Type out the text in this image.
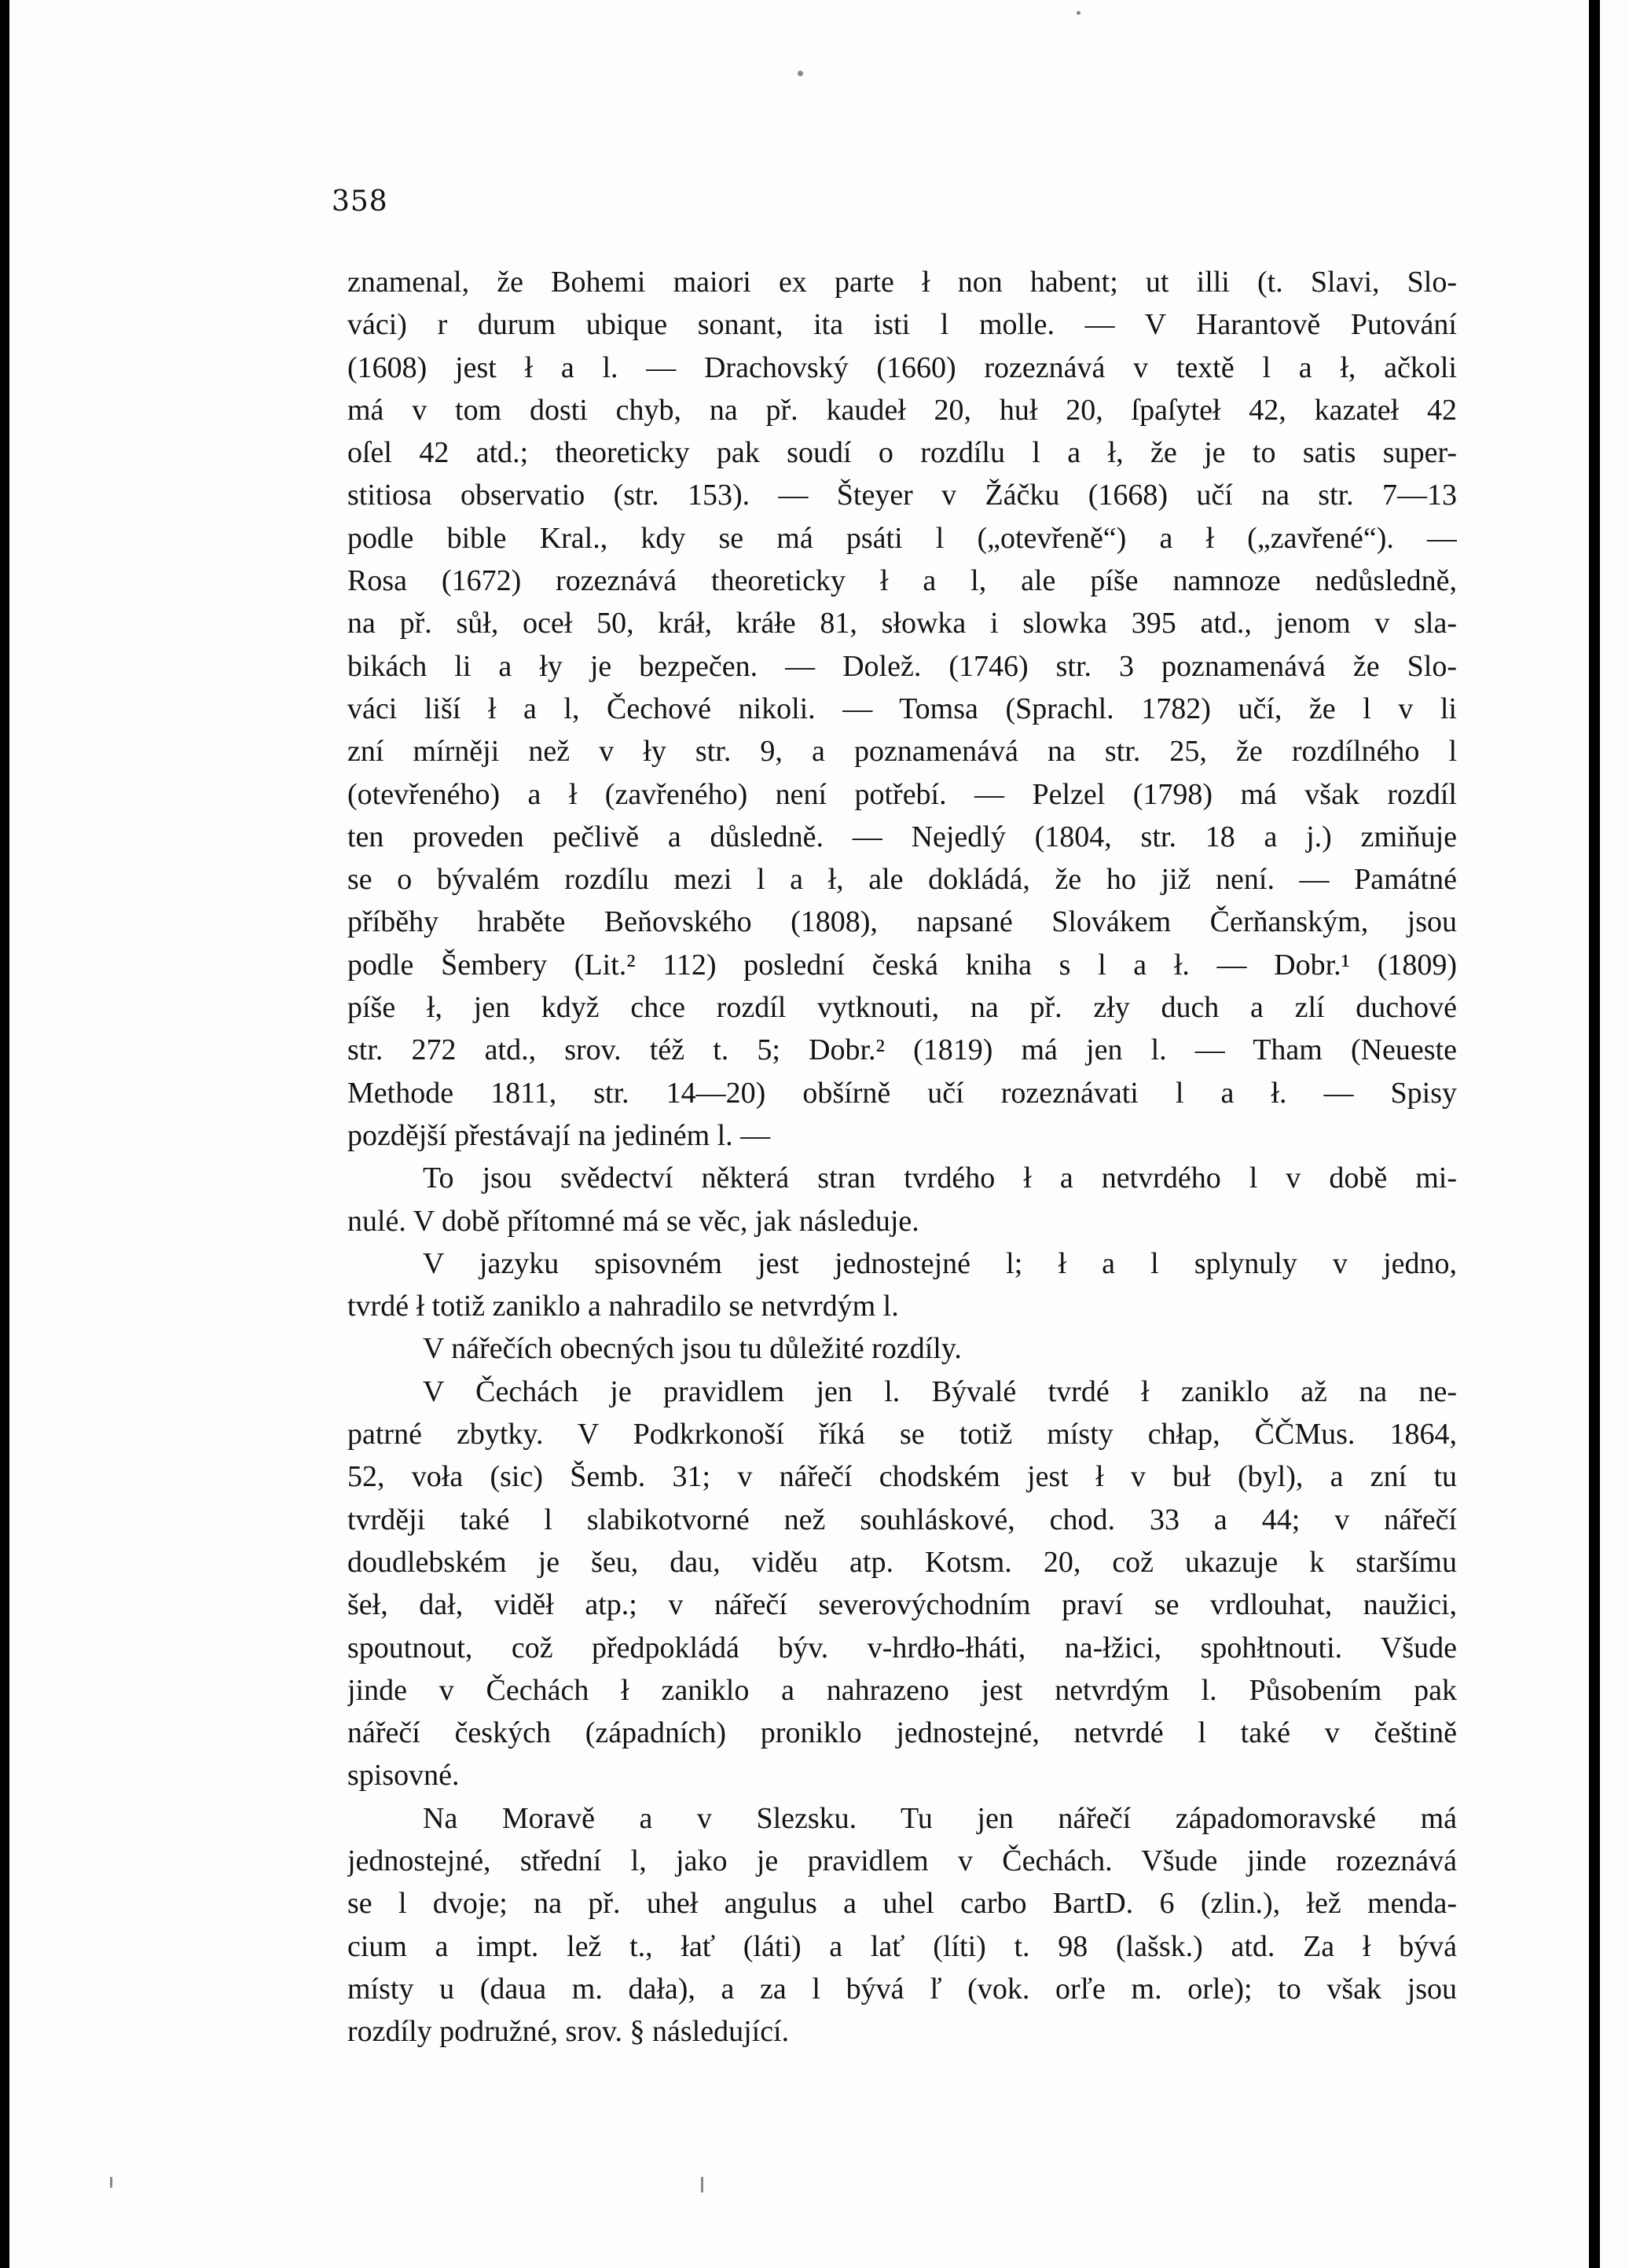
358
znamenal, že Bohemi maiori ex parte ł non habent; ut illi (t. Slavi, Slo-
váci) r durum ubique sonant, ita isti l molle. — V Harantově Putování
(1608) jest ł a l. — Drachovský (1660) rozeznává v textě l a ł, ačkoli
má v tom dosti chyb, na př. kaudeł 20, huł 20, ſpaſyteł 42, kazateł 42
oſel 42 atd.; theoreticky pak soudí o rozdílu l a ł, že je to satis super-
stitiosa observatio (str. 153). — Šteyer v Žáčku (1668) učí na str. 7—13
podle bible Kral., kdy se má psáti l („otevřeně“) a ł („zavřené“). —
Rosa (1672) rozeznává theoreticky ł a l, ale píše namnoze nedůsledně,
na př. sůł, oceł 50, kráł, kráłe 81, słowka i slowka 395 atd., jenom v sla-
bikách li a ły je bezpečen. — Dolež. (1746) str. 3 poznamenává že Slo-
váci liší ł a l, Čechové nikoli. — Tomsa (Sprachl. 1782) učí, že l v li
zní mírněji než v ły str. 9, a poznamenává na str. 25, že rozdílného l
(otevřeného) a ł (zavřeného) není potřebí. — Pelzel (1798) má však rozdíl
ten proveden pečlivě a důsledně. — Nejedlý (1804, str. 18 a j.) zmiňuje
se o bývalém rozdílu mezi l a ł, ale dokládá, že ho již není. — Památné
příběhy hraběte Beňovského (1808), napsané Slovákem Čerňanským, jsou
podle Šembery (Lit.² 112) poslední česká kniha s l a ł. — Dobr.¹ (1809)
píše ł, jen když chce rozdíl vytknouti, na př. zły duch a zlí duchové
str. 272 atd., srov. též t. 5; Dobr.² (1819) má jen l. — Tham (Neueste
Methode 1811, str. 14—20) obšírně učí rozeznávati l a ł. — Spisy
pozdější přestávají na jediném l. —
To jsou svědectví některá stran tvrdého ł a netvrdého l v době mi-
nulé. V době přítomné má se věc, jak následuje.
V jazyku spisovném jest jednostejné l; ł a l splynuly v jedno,
tvrdé ł totiž zaniklo a nahradilo se netvrdým l.
V nářečích obecných jsou tu důležité rozdíly.
V Čechách je pravidlem jen l. Bývalé tvrdé ł zaniklo až na ne-
patrné zbytky. V Podkrkonoší říká se totiž místy chłap, ČČMus. 1864,
52, voła (sic) Šemb. 31; v nářečí chodském jest ł v buł (byl), a zní tu
tvrději také l slabikotvorné než souhláskové, chod. 33 a 44; v nářečí
doudlebském je šeu, dau, viděu atp. Kotsm. 20, což ukazuje k staršímu
šeł, dał, viděł atp.; v nářečí severovýchodním praví se vrdlouhat, naužici,
spoutnout, což předpokládá býv. v-hrdło-łháti, na-łžici, spohłtnouti. Všude
jinde v Čechách ł zaniklo a nahrazeno jest netvrdým l. Působením pak
nářečí českých (západních) proniklo jednostejné, netvrdé l také v češtině
spisovné.
Na Moravě a v Slezsku. Tu jen nářečí západomoravské má
jednostejné, střední l, jako je pravidlem v Čechách. Všude jinde rozeznává
se l dvoje; na př. uheł angulus a uhel carbo BartD. 6 (zlin.), łež menda-
cium a impt. lež t., łať (láti) a lať (líti) t. 98 (lašsk.) atd. Za ł bývá
místy u (daua m. dała), a za l bývá ľ (vok. orľe m. orle); to však jsou
rozdíly podružné, srov. § následující.
